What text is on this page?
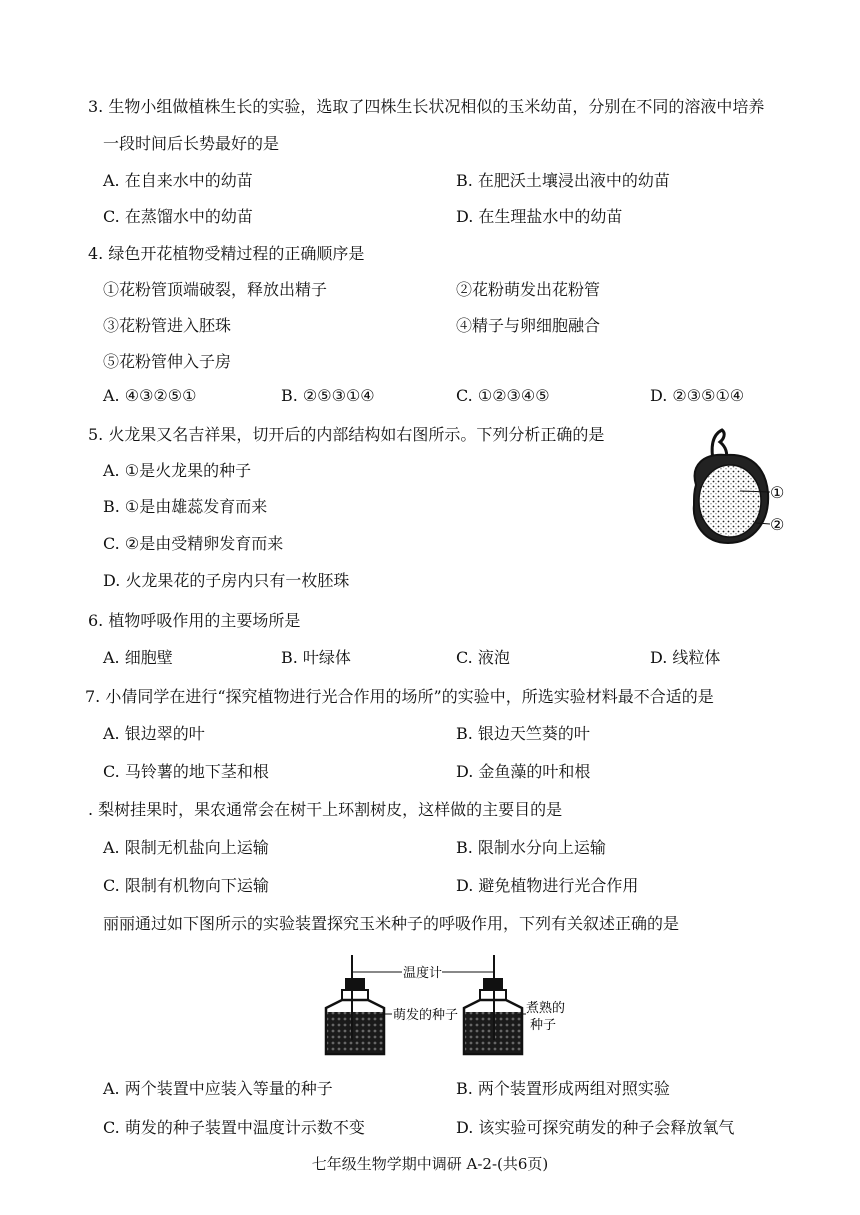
3. 生物小组做植株生长的实验，选取了四株生长状况相似的玉米幼苗，分别在不同的溶液中培养
一段时间后长势最好的是
A. 在自来水中的幼苗	B. 在肥沃土壤浸出液中的幼苗
C. 在蒸馏水中的幼苗	D. 在生理盐水中的幼苗
4. 绿色开花植物受精过程的正确顺序是
①花粉管顶端破裂，释放出精子	②花粉萌发出花粉管
③花粉管进入胚珠	④精子与卵细胞融合
⑤花粉管伸入子房
A. ④③②⑤①	B. ②⑤③①④	C. ①②③④⑤	D. ②③⑤①④
5. 火龙果又名吉祥果，切开后的内部结构如右图所示。下列分析正确的是
A. ①是火龙果的种子
B. ①是由雄蕊发育而来
C. ②是由受精卵发育而来
D. 火龙果花的子房内只有一枚胚珠
①
②
6. 植物呼吸作用的主要场所是
A. 细胞壁	B. 叶绿体	C. 液泡	D. 线粒体
7. 小倩同学在进行“探究植物进行光合作用的场所”的实验中，所选实验材料最不合适的是
A. 银边翠的叶	B. 银边天竺葵的叶
C. 马铃薯的地下茎和根	D. 金鱼藻的叶和根
. 梨树挂果时，果农通常会在树干上环割树皮，这样做的主要目的是
A. 限制无机盐向上运输	B. 限制水分向上运输
C. 限制有机物向下运输	D. 避免植物进行光合作用
丽丽通过如下图所示的实验装置探究玉米种子的呼吸作用，下列有关叙述正确的是
温度计
萌发的种子	煮熟的
种子
A. 两个装置中应装入等量的种子	B. 两个装置形成两组对照实验
C. 萌发的种子装置中温度计示数不变	D. 该实验可探究萌发的种子会释放氧气
七年级生物学期中调研 A-2-(共6页)
